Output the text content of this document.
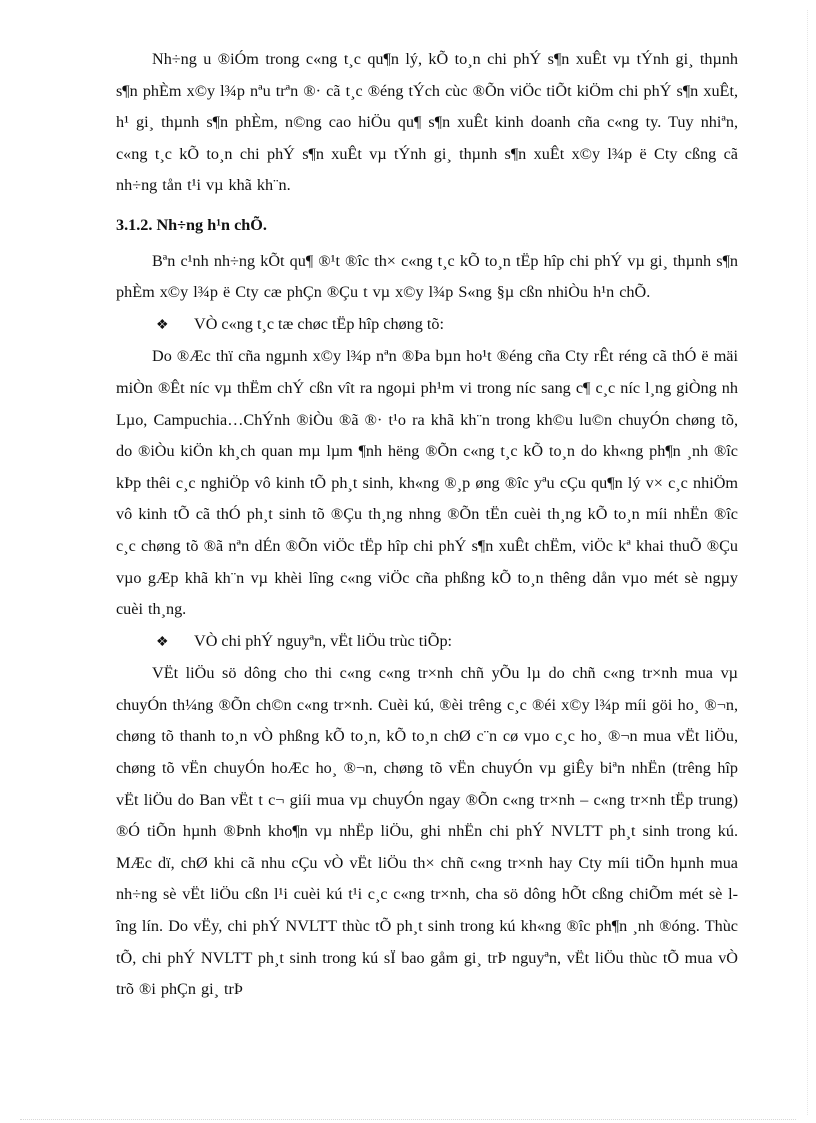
Nh÷ng u ®iÓm trong c«ng t¸c qu¶n lý, kÕ to¸n chi phÝ s¶n xuÊt vµ tÝnh gi¸ thµnh s¶n phÈm x©y l¾p nªu trªn ®· cã t¸c ®éng tÝch cùc ®Õn viÖc tiÕt kiÖm chi phÝ s¶n xuÊt, h¹ gi¸ thµnh s¶n phÈm, n©ng cao hiÖu qu¶ s¶n xuÊt kinh doanh cña c«ng ty. Tuy nhiªn, c«ng t¸c kÕ to¸n chi phÝ s¶n xuÊt vµ tÝnh gi¸ thµnh s¶n xuÊt x©y l¾p ë Cty cßng cã nh÷ng tån t¹i vµ khã kh¨n.

3.1.2. Nh÷ng h¹n chÕ.

Bªn c¹nh nh÷ng kÕt qu¶ ®¹t ®îc th× c«ng t¸c kÕ to¸n tËp hîp chi phÝ vµ gi¸ thµnh s¶n phÈm x©y l¾p ë Cty cæ phÇn ®Çu t vµ x©y l¾p S«ng §µ cßn nhiÒu h¹n chÕ.

❖ VÒ c«ng t¸c tæ chøc tËp hîp chøng tõ:

Do ®Æc thï cña ngµnh x©y l¾p nªn ®Þa bµn ho¹t ®éng cña Cty rÊt réng cã thÓ ë mäi miÒn ®Êt níc vµ thËm chÝ cßn vît ra ngoµi ph¹m vi trong níc sang c¶ c¸c níc l¸ng giÒng nh Lµo, Campuchia…ChÝnh ®iÒu ®ã ®· t¹o ra khã kh¨n trong kh©u lu©n chuyÓn chøng tõ, do ®iÒu kiÖn kh¸ch quan mµ lµm ¶nh hëng ®Õn c«ng t¸c kÕ to¸n do kh«ng ph¶n ¸nh ®îc kÞp thêi c¸c nghiÖp vô kinh tÕ ph¸t sinh, kh«ng ®¸p øng ®îc yªu cÇu qu¶n lý v× c¸c nhiÖm vô kinh tÕ cã thÓ ph¸t sinh tõ ®Çu th¸ng nhng ®Õn tËn cuèi th¸ng kÕ to¸n míi nhËn ®îc c¸c chøng tõ ®ã nªn dÉn ®Õn viÖc tËp hîp chi phÝ s¶n xuÊt chËm, viÖc kª khai thuÕ ®Çu vµo gÆp khã kh¨n vµ khèi lîng c«ng viÖc cña phßng kÕ to¸n thêng dån vµo mét sè ngµy cuèi th¸ng.

❖ VÒ chi phÝ nguyªn, vËt liÖu trùc tiÕp:

VËt liÖu sö dông cho thi c«ng c«ng tr×nh chñ yÕu lµ do chñ c«ng tr×nh mua vµ chuyÓn th¼ng ®Õn ch©n c«ng tr×nh. Cuèi kú, ®èi trêng c¸c ®éi x©y l¾p míi göi ho¸ ®¬n, chøng tõ thanh to¸n vÒ phßng kÕ to¸n, kÕ to¸n chØ c¨n cø vµo c¸c ho¸ ®¬n mua vËt liÖu, chøng tõ vËn chuyÓn hoÆc ho¸ ®¬n, chøng tõ vËn chuyÓn vµ giÊy biªn nhËn (trêng hîp vËt liÖu do Ban vËt t c¬ giíi mua vµ chuyÓn ngay ®Õn c«ng tr×nh – c«ng tr×nh tËp trung) ®Ó tiÕn hµnh ®Þnh kho¶n vµ nhËp liÖu, ghi nhËn chi phÝ NVLTT ph¸t sinh trong kú. MÆc dï, chØ khi cã nhu cÇu vÒ vËt liÖu th× chñ c«ng tr×nh hay Cty míi tiÕn hµnh mua nh÷ng sè vËt liÖu cßn l¹i cuèi kú t¹i c¸c c«ng tr×nh, cha sö dông hÕt cßng chiÕm mét sè lîng lín. Do vËy, chi phÝ NVLTT thùc tÕ ph¸t sinh trong kú kh«ng ®îc ph¶n ¸nh ®óng. Thùc tÕ, chi phÝ NVLTT ph¸t sinh trong kú sÏ bao gåm gi¸ trÞ nguyªn, vËt liÖu thùc tÕ mua vÒ trõ ®i phÇn gi¸ trÞ
